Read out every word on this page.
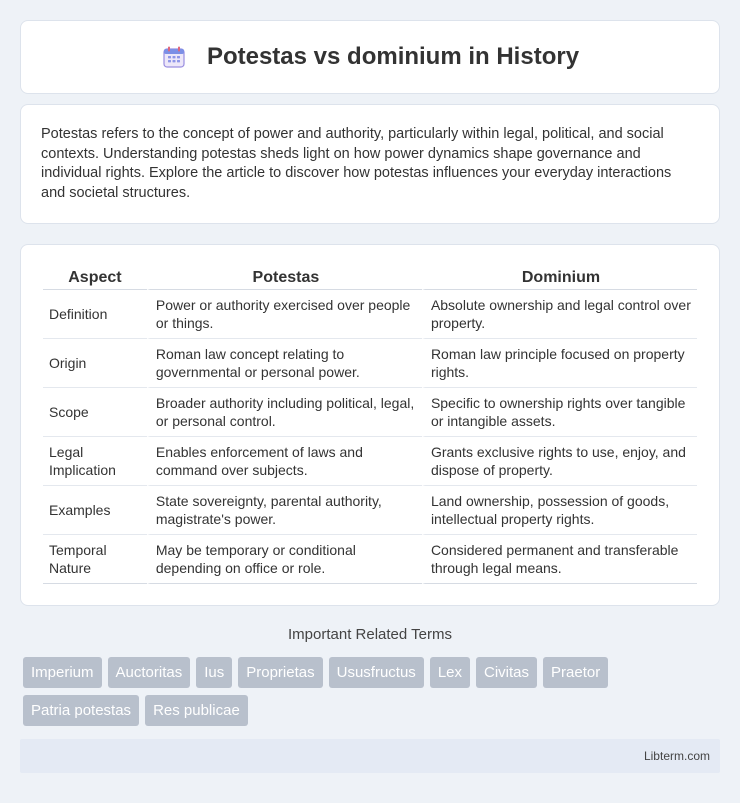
Potestas vs dominium in History

Potestas refers to the concept of power and authority, particularly within legal, political, and social contexts. Understanding potestas sheds light on how power dynamics shape governance and individual rights. Explore the article to discover how potestas influences your everyday interactions and societal structures.

Aspect	Potestas	Dominium
Definition	Power or authority exercised over people or things.	Absolute ownership and legal control over property.
Origin	Roman law concept relating to governmental or personal power.	Roman law principle focused on property rights.
Scope	Broader authority including political, legal, or personal control.	Specific to ownership rights over tangible or intangible assets.
Legal Implication	Enables enforcement of laws and command over subjects.	Grants exclusive rights to use, enjoy, and dispose of property.
Examples	State sovereignty, parental authority, magistrate's power.	Land ownership, possession of goods, intellectual property rights.
Temporal Nature	May be temporary or conditional depending on office or role.	Considered permanent and transferable through legal means.
Important Related Terms
Imperium	Auctoritas	Ius	Proprietas	Ususfructus	Lex	Civitas	Praetor
Patria potestas	Res publicae
Libterm.com
